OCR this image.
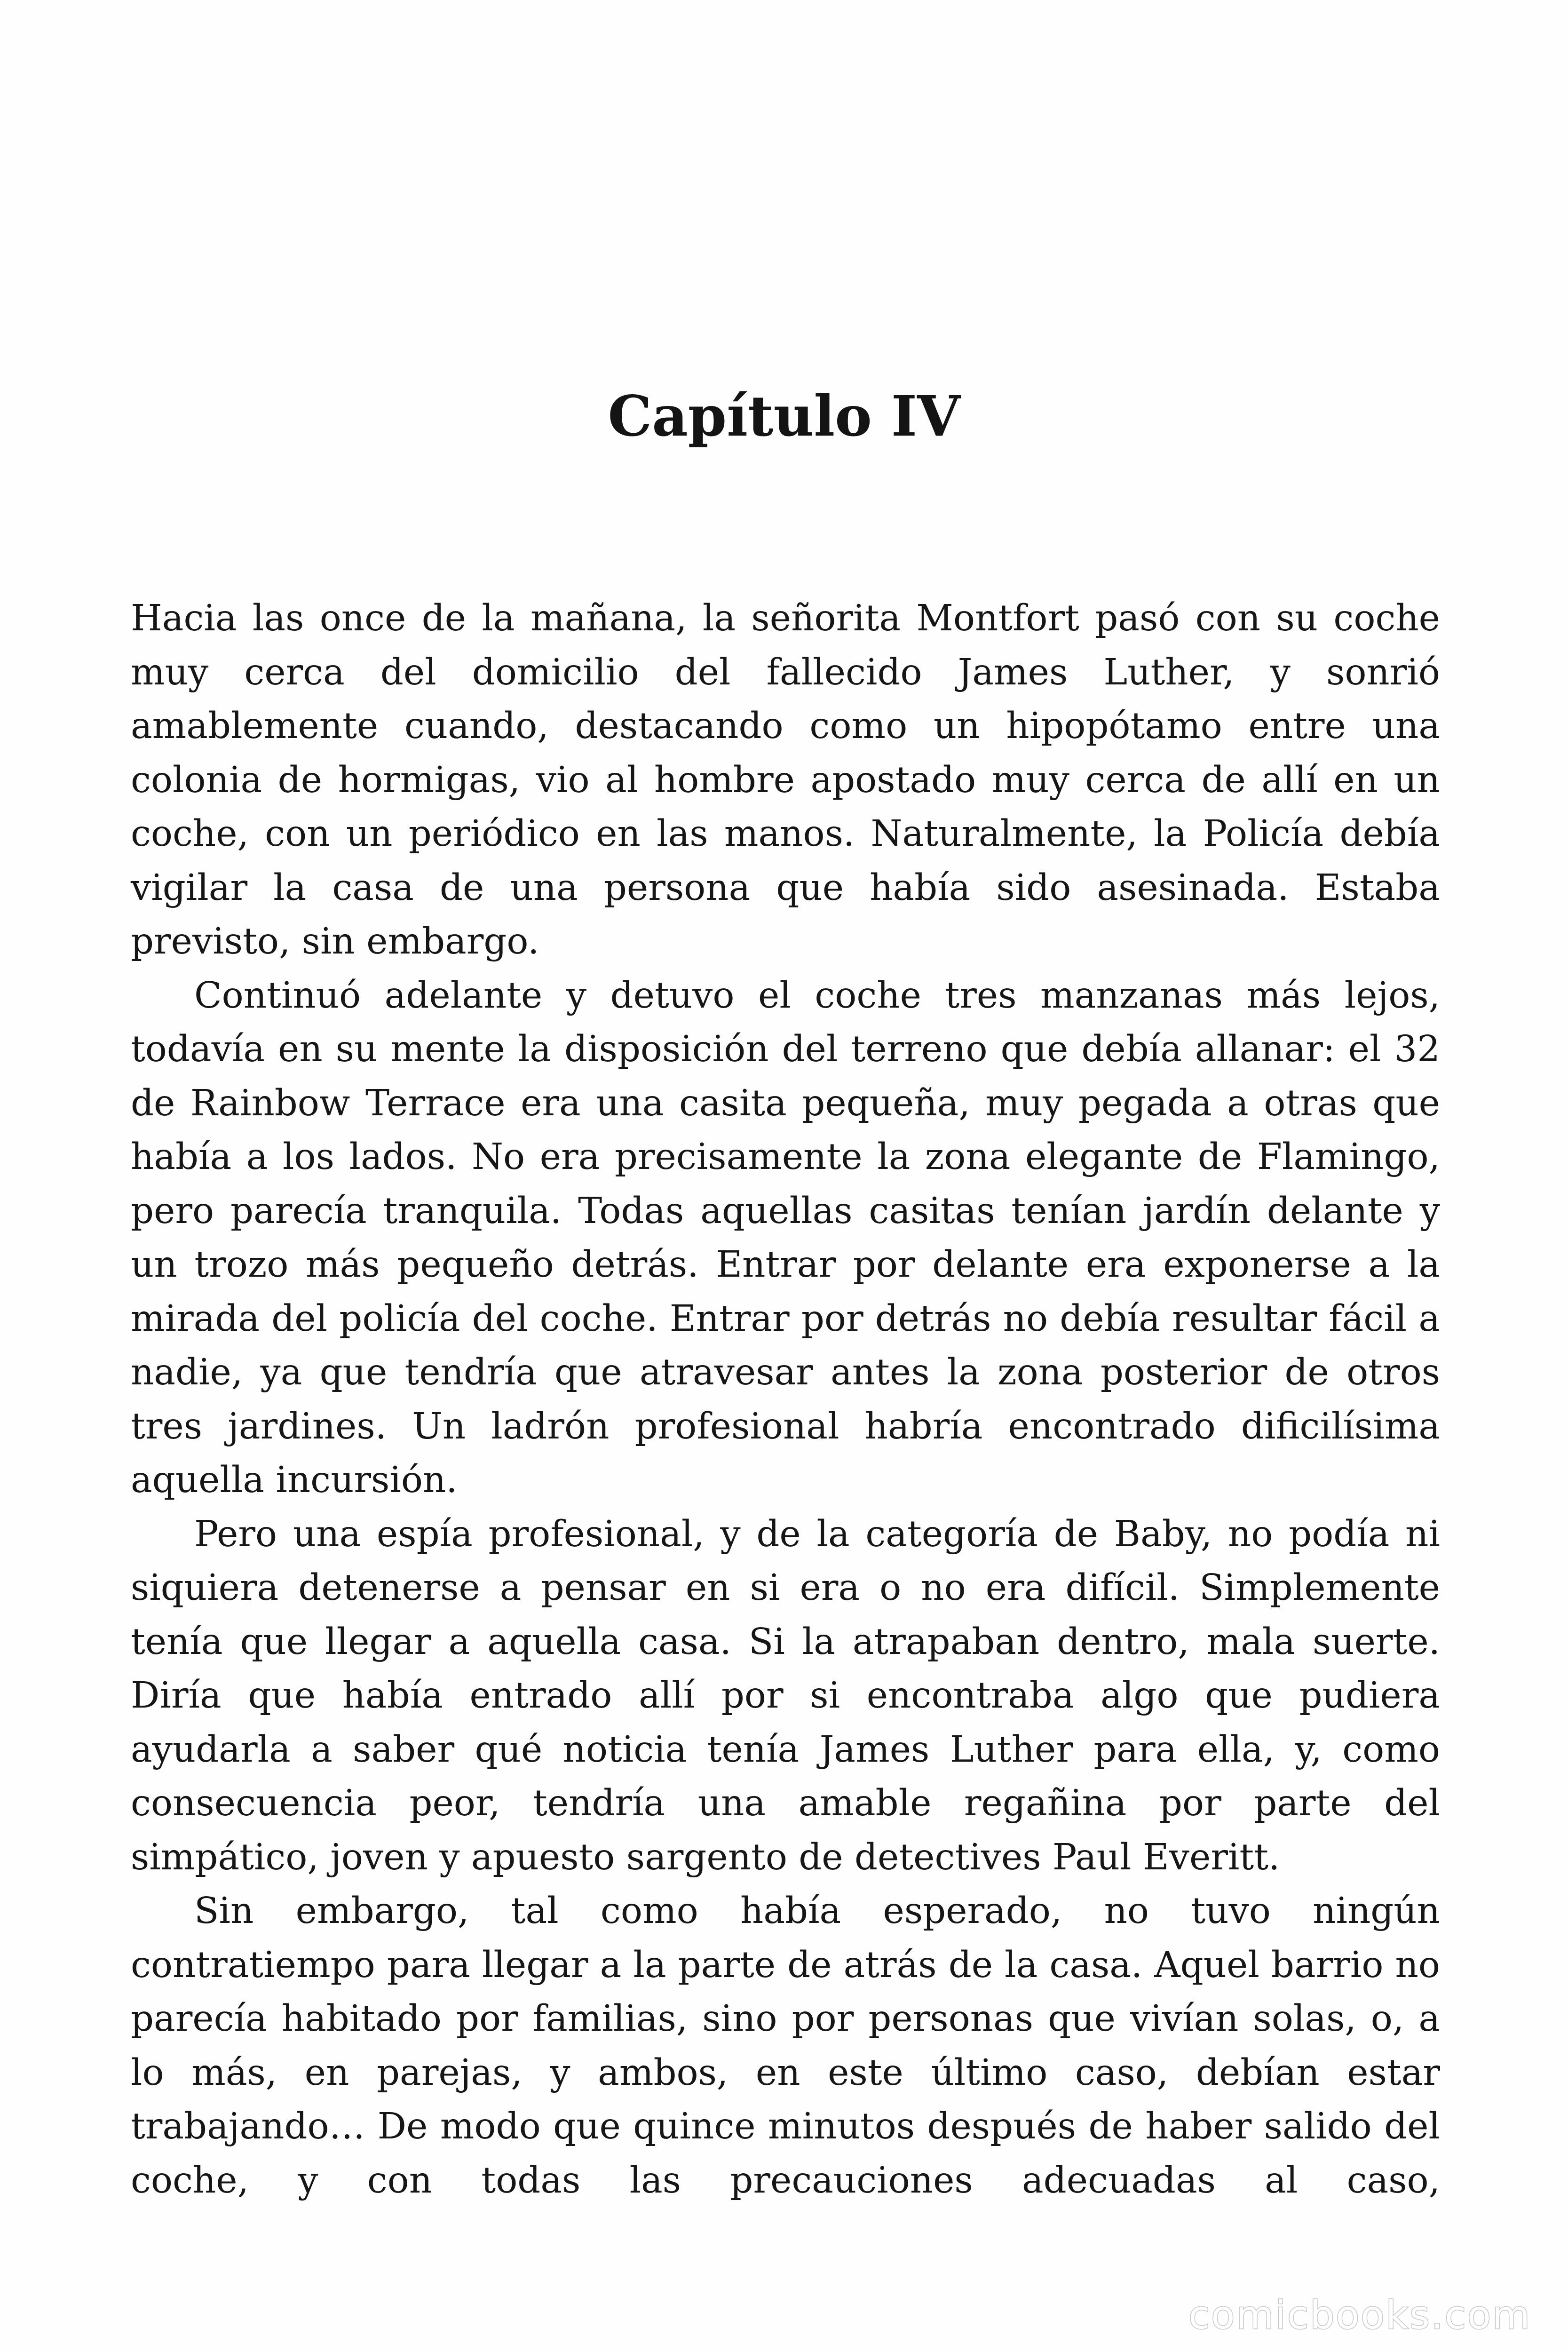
Capítulo IV

Hacia las once de la mañana, la señorita Montfort pasó con su coche muy cerca del domicilio del fallecido James Luther, y sonrió amablemente cuando, destacando como un hipopótamo entre una colonia de hormigas, vio al hombre apostado muy cerca de allí en un coche, con un periódico en las manos. Naturalmente, la Policía debía vigilar la casa de una persona que había sido asesinada. Estaba previsto, sin embargo.

Continuó adelante y detuvo el coche tres manzanas más lejos, todavía en su mente la disposición del terreno que debía allanar: el 32 de Rainbow Terrace era una casita pequeña, muy pegada a otras que había a los lados. No era precisamente la zona elegante de Flamingo, pero parecía tranquila. Todas aquellas casitas tenían jardín delante y un trozo más pequeño detrás. Entrar por delante era exponerse a la mirada del policía del coche. Entrar por detrás no debía resultar fácil a nadie, ya que tendría que atravesar antes la zona posterior de otros tres jardines. Un ladrón profesional habría encontrado dificilísima aquella incursión.

Pero una espía profesional, y de la categoría de Baby, no podía ni siquiera detenerse a pensar en si era o no era difícil. Simplemente tenía que llegar a aquella casa. Si la atrapaban dentro, mala suerte. Diría que había entrado allí por si encontraba algo que pudiera ayudarla a saber qué noticia tenía James Luther para ella, y, como consecuencia peor, tendría una amable regañina por parte del simpático, joven y apuesto sargento de detectives Paul Everitt.

Sin embargo, tal como había esperado, no tuvo ningún contratiempo para llegar a la parte de atrás de la casa. Aquel barrio no parecía habitado por familias, sino por personas que vivían solas, o, a lo más, en parejas, y ambos, en este último caso, debían estar trabajando… De modo que quince minutos después de haber salido del coche, y con todas las precauciones adecuadas al caso,

comicbooks.com
